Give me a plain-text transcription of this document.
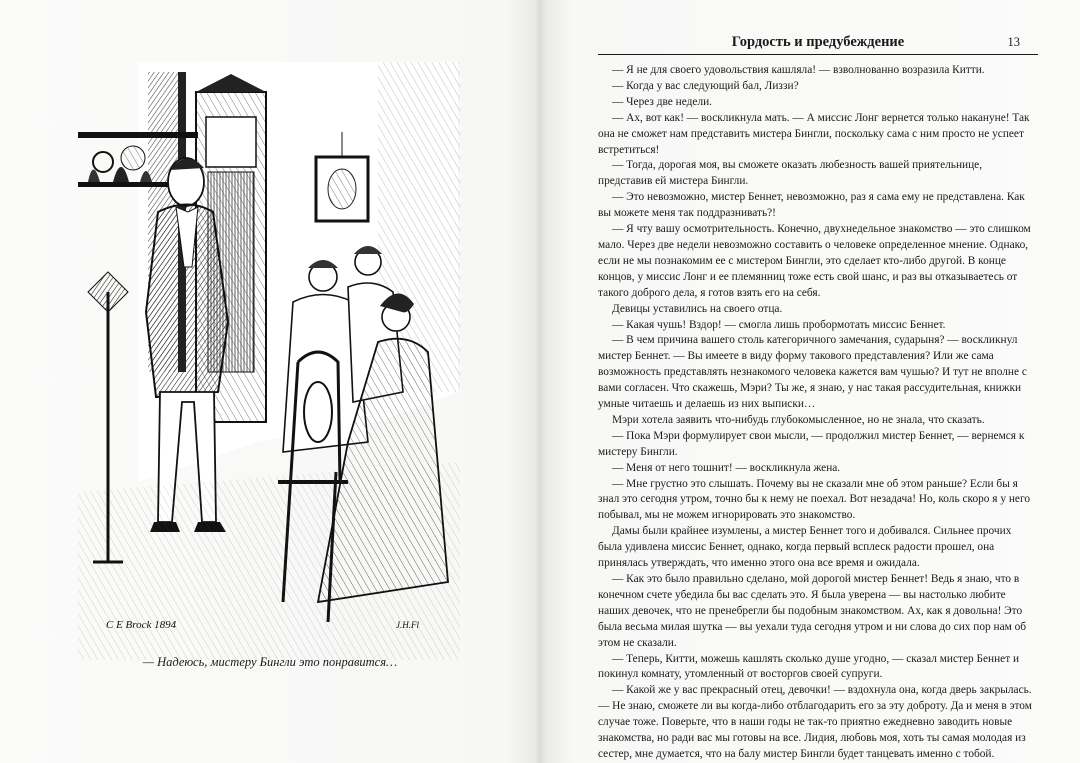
C E Brock 1894	J.H.Fl
— Надеюсь, мистеру Бингли это понравится…
Гордость и предубеждение	13

— Я не для своего удовольствия кашляла! — взволнованно возразила Китти.

— Когда у вас следующий бал, Лиззи?

— Через две недели.

— Ах, вот как! — воскликнула мать. — А миссис Лонг вернется только накануне! Так она не сможет нам представить мистера Бингли, поскольку сама с ним просто не успеет встретиться!

— Тогда, дорогая моя, вы сможете оказать любезность вашей приятельнице, представив ей мистера Бингли.

— Это невозможно, мистер Беннет, невозможно, раз я сама ему не представлена. Как вы можете меня так поддразнивать?!

— Я чту вашу осмотрительность. Конечно, двухнедельное знакомство — это слишком мало. Через две недели невозможно составить о человеке определенное мнение. Однако, если не мы познакомим ее с мистером Бингли, это сделает кто-либо другой. В конце концов, у миссис Лонг и ее племянниц тоже есть свой шанс, и раз вы отказываетесь от такого доброго дела, я готов взять его на себя.

Девицы уставились на своего отца.

— Какая чушь! Вздор! — смогла лишь пробормотать миссис Беннет.

— В чем причина вашего столь категоричного замечания, сударыня? — воскликнул мистер Беннет. — Вы имеете в виду форму такового представления? Или же сама возможность представлять незнакомого человека кажется вам чушью? И тут не вполне с вами согласен. Что скажешь, Мэри? Ты же, я знаю, у нас такая рассудительная, книжки умные читаешь и делаешь из них выписки…

Мэри хотела заявить что-нибудь глубокомысленное, но не знала, что сказать.

— Пока Мэри формулирует свои мысли, — продолжил мистер Беннет, — вернемся к мистеру Бингли.

— Меня от него тошнит! — воскликнула жена.

— Мне грустно это слышать. Почему вы не сказали мне об этом раньше? Если бы я знал это сегодня утром, точно бы к нему не поехал. Вот незадача! Но, коль скоро я у него побывал, мы не можем игнорировать это знакомство.

Дамы были крайнее изумлены, а мистер Беннет того и добивался. Сильнее прочих была удивлена миссис Беннет, однако, когда первый всплеск радости прошел, она принялась утверждать, что именно этого она все время и ожидала.

— Как это было правильно сделано, мой дорогой мистер Беннет! Ведь я знаю, что в конечном счете убедила бы вас сделать это. Я была уверена — вы настолько любите наших девочек, что не пренебрегли бы подобным знакомством. Ах, как я довольна! Это была весьма милая шутка — вы уехали туда сегодня утром и ни слова до сих пор нам об этом не сказали.

— Теперь, Китти, можешь кашлять сколько душе угодно, — сказал мистер Беннет и покинул комнату, утомленный от восторгов своей супруги.

— Какой же у вас прекрасный отец, девочки! — вздохнула она, когда дверь закрылась. — Не знаю, сможете ли вы когда-либо отблагодарить его за эту доброту. Да и меня в этом случае тоже. Поверьте, что в наши годы не так-то приятно ежедневно заводить новые знакомства, но ради вас мы готовы на все. Лидия, любовь моя, хоть ты самая молодая из сестер, мне думается, что на балу мистер Бингли будет танцевать именно с тобой.
